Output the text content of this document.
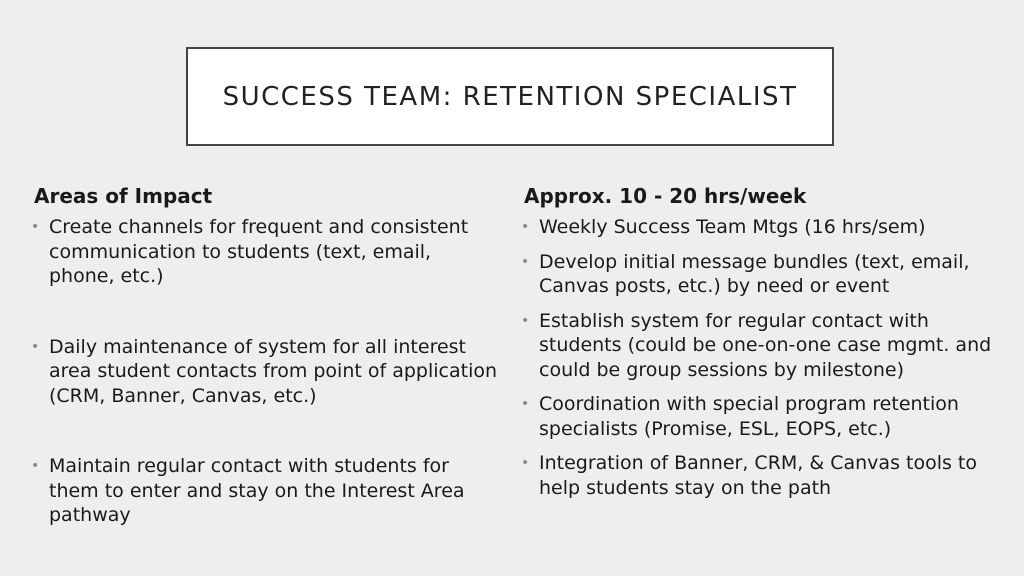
SUCCESS TEAM: RETENTION SPECIALIST
Areas of Impact
• Create channels for frequent and consistent communication to students (text, email, phone, etc.)
• Daily maintenance of system for all interest area student contacts from point of application (CRM, Banner, Canvas, etc.)
• Maintain regular contact with students for them to enter and stay on the Interest Area pathway
Approx. 10 - 20 hrs/week
• Weekly Success Team Mtgs (16 hrs/sem)
• Develop initial message bundles (text, email, Canvas posts, etc.) by need or event
• Establish system for regular contact with students (could be one-on-one case mgmt. and could be group sessions by milestone)
• Coordination with special program retention specialists (Promise, ESL, EOPS, etc.)
• Integration of Banner, CRM, & Canvas tools to help students stay on the path
